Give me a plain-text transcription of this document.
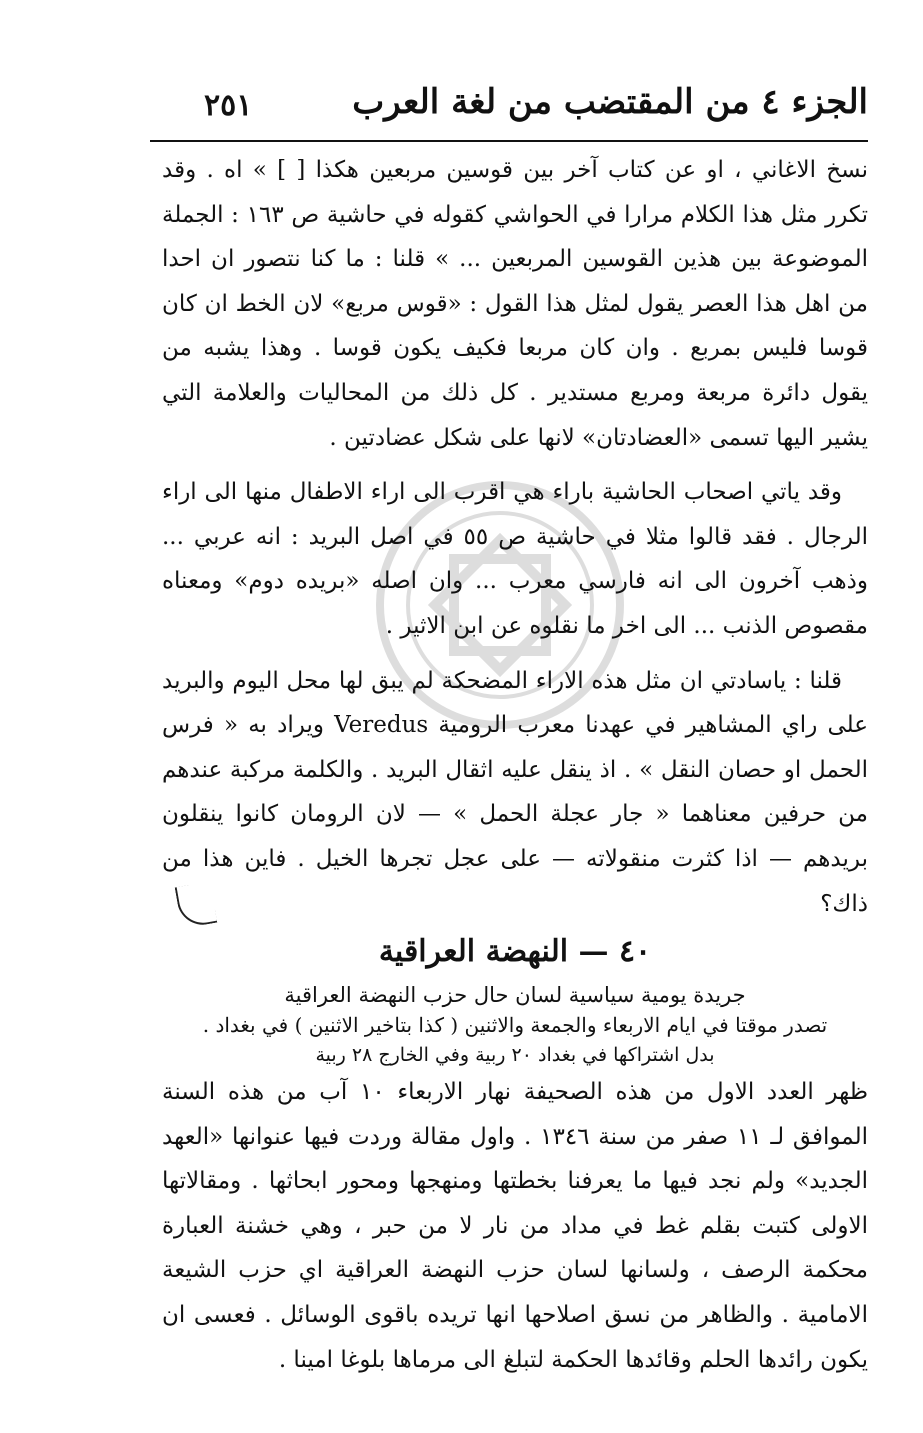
الجزء ٤ من المقتضب من لغة العرب
٢٥١

نسخ الاغاني ، او عن كتاب آخر بين قوسين مربعين هكذا [ ] » اه . وقد تكرر مثل هذا الكلام مرارا في الحواشي كقوله في حاشية ص ١٦٣ : الجملة الموضوعة بين هذين القوسين المربعين ... » قلنا : ما كنا نتصور ان احدا من اهل هذا العصر يقول لمثل هذا القول : «قوس مربع» لان الخط ان كان قوسا فليس بمربع . وان كان مربعا فكيف يكون قوسا . وهذا يشبه من يقول دائرة مربعة ومربع مستدير . كل ذلك من المحاليات والعلامة التي يشير اليها تسمى «العضادتان» لانها على شكل عضادتين .

وقد ياتي اصحاب الحاشية باراء هي اقرب الى اراء الاطفال منها الى اراء الرجال . فقد قالوا مثلا في حاشية ص ٥٥ في اصل البريد : انه عربي ... وذهب آخرون الى انه فارسي معرب ... وان اصله «بريده دوم» ومعناه مقصوص الذنب ... الى اخر ما نقلوه عن ابن الاثير .

قلنا : ياسادتي ان مثل هذه الاراء المضحكة لم يبق لها محل اليوم والبريد على راي المشاهير في عهدنا معرب الرومية Veredus ويراد به « فرس الحمل او حصان النقل » . اذ ينقل عليه اثقال البريد . والكلمة مركبة عندهم من حرفين معناهما « جار عجلة الحمل » — لان الرومان كانوا ينقلون بريدهم — اذا كثرت منقولاته — على عجل تجرها الخيل . فاين هذا من ذاك؟

٤٠ — النهضة العراقية

جريدة يومية سياسية لسان حال حزب النهضة العراقية

تصدر موقتا في ايام الاربعاء والجمعة والاثنين ( كذا بتاخير الاثنين ) في بغداد .

بدل اشتراكها في بغداد ٢٠ ربية وفي الخارج ٢٨ ربية

ظهر العدد الاول من هذه الصحيفة نهار الاربعاء ١٠ آب من هذه السنة الموافق لـ ١١ صفر من سنة ١٣٤٦ . واول مقالة وردت فيها عنوانها «العهد الجديد» ولم نجد فيها ما يعرفنا بخطتها ومنهجها ومحور ابحاثها . ومقالاتها الاولى كتبت بقلم غط في مداد من نار لا من حبر ، وهي خشنة العبارة محكمة الرصف ، ولسانها لسان حزب النهضة العراقية اي حزب الشيعة الامامية . والظاهر من نسق اصلاحها انها تريده باقوى الوسائل . فعسى ان يكون رائدها الحلم وقائدها الحكمة لتبلغ الى مرماها بلوغا امينا .
